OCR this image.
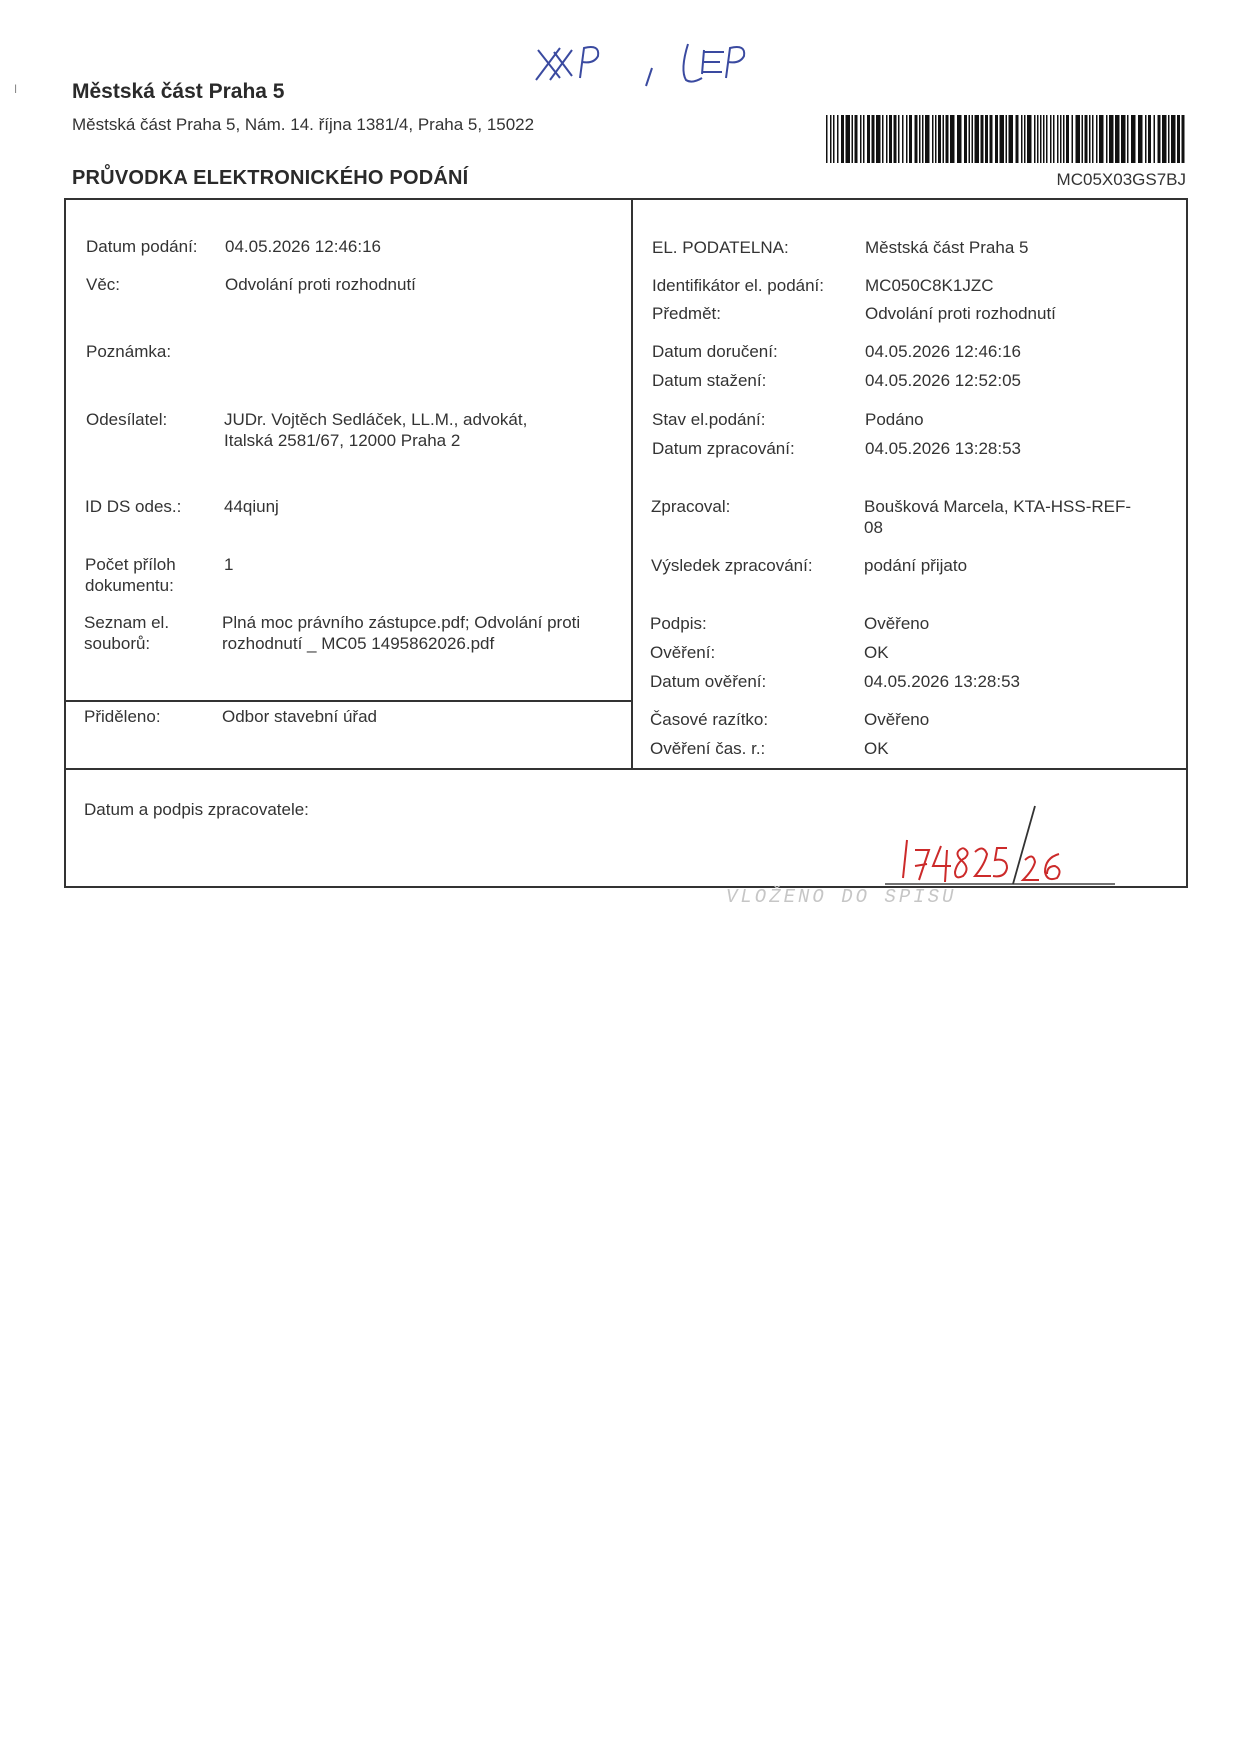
ǀ	Městská část Praha 5
Městská část Praha 5, Nám. 14. října 1381/4, Praha 5, 15022
PRŮVODKA ELEKTRONICKÉHO PODÁNÍ	MC05X03GS7BJ
Datum podání: 04.05.2026 12:46:16
Věc:	Odvolání proti rozhodnutí
Poznámka:
Odesílatel:	JUDr. Vojtěch Sedláček, LL.M., advokát,
Italská 2581/67, 12000 Praha 2
ID DS odes.:	44qiunj
Počet příloh
dokumentu:
1
Seznam el.
souborů:
Plná moc právního zástupce.pdf; Odvolání proti
rozhodnutí _ MC05 1495862026.pdf
Přiděleno:	Odbor stavební úřad
EL. PODATELNA:	Městská část Praha 5
Identifikátor el. podání: MC050C8K1JZC
Předmět:	Odvolání proti rozhodnutí
Datum doručení:	04.05.2026 12:46:16
Datum stažení:	04.05.2026 12:52:05
Stav el.podání:	Podáno
Datum zpracování:	04.05.2026 13:28:53
Zpracoval:	Boušková Marcela, KTA-HSS-REF-
08
Výsledek zpracování:	podání přijato
Podpis:	Ověřeno
Ověření:	OK
Datum ověření:	04.05.2026 13:28:53
Časové razítko:	Ověřeno
Ověření čas. r.:	OK
Datum a podpis zpracovatele:
VLOŽENO DO SPISU
